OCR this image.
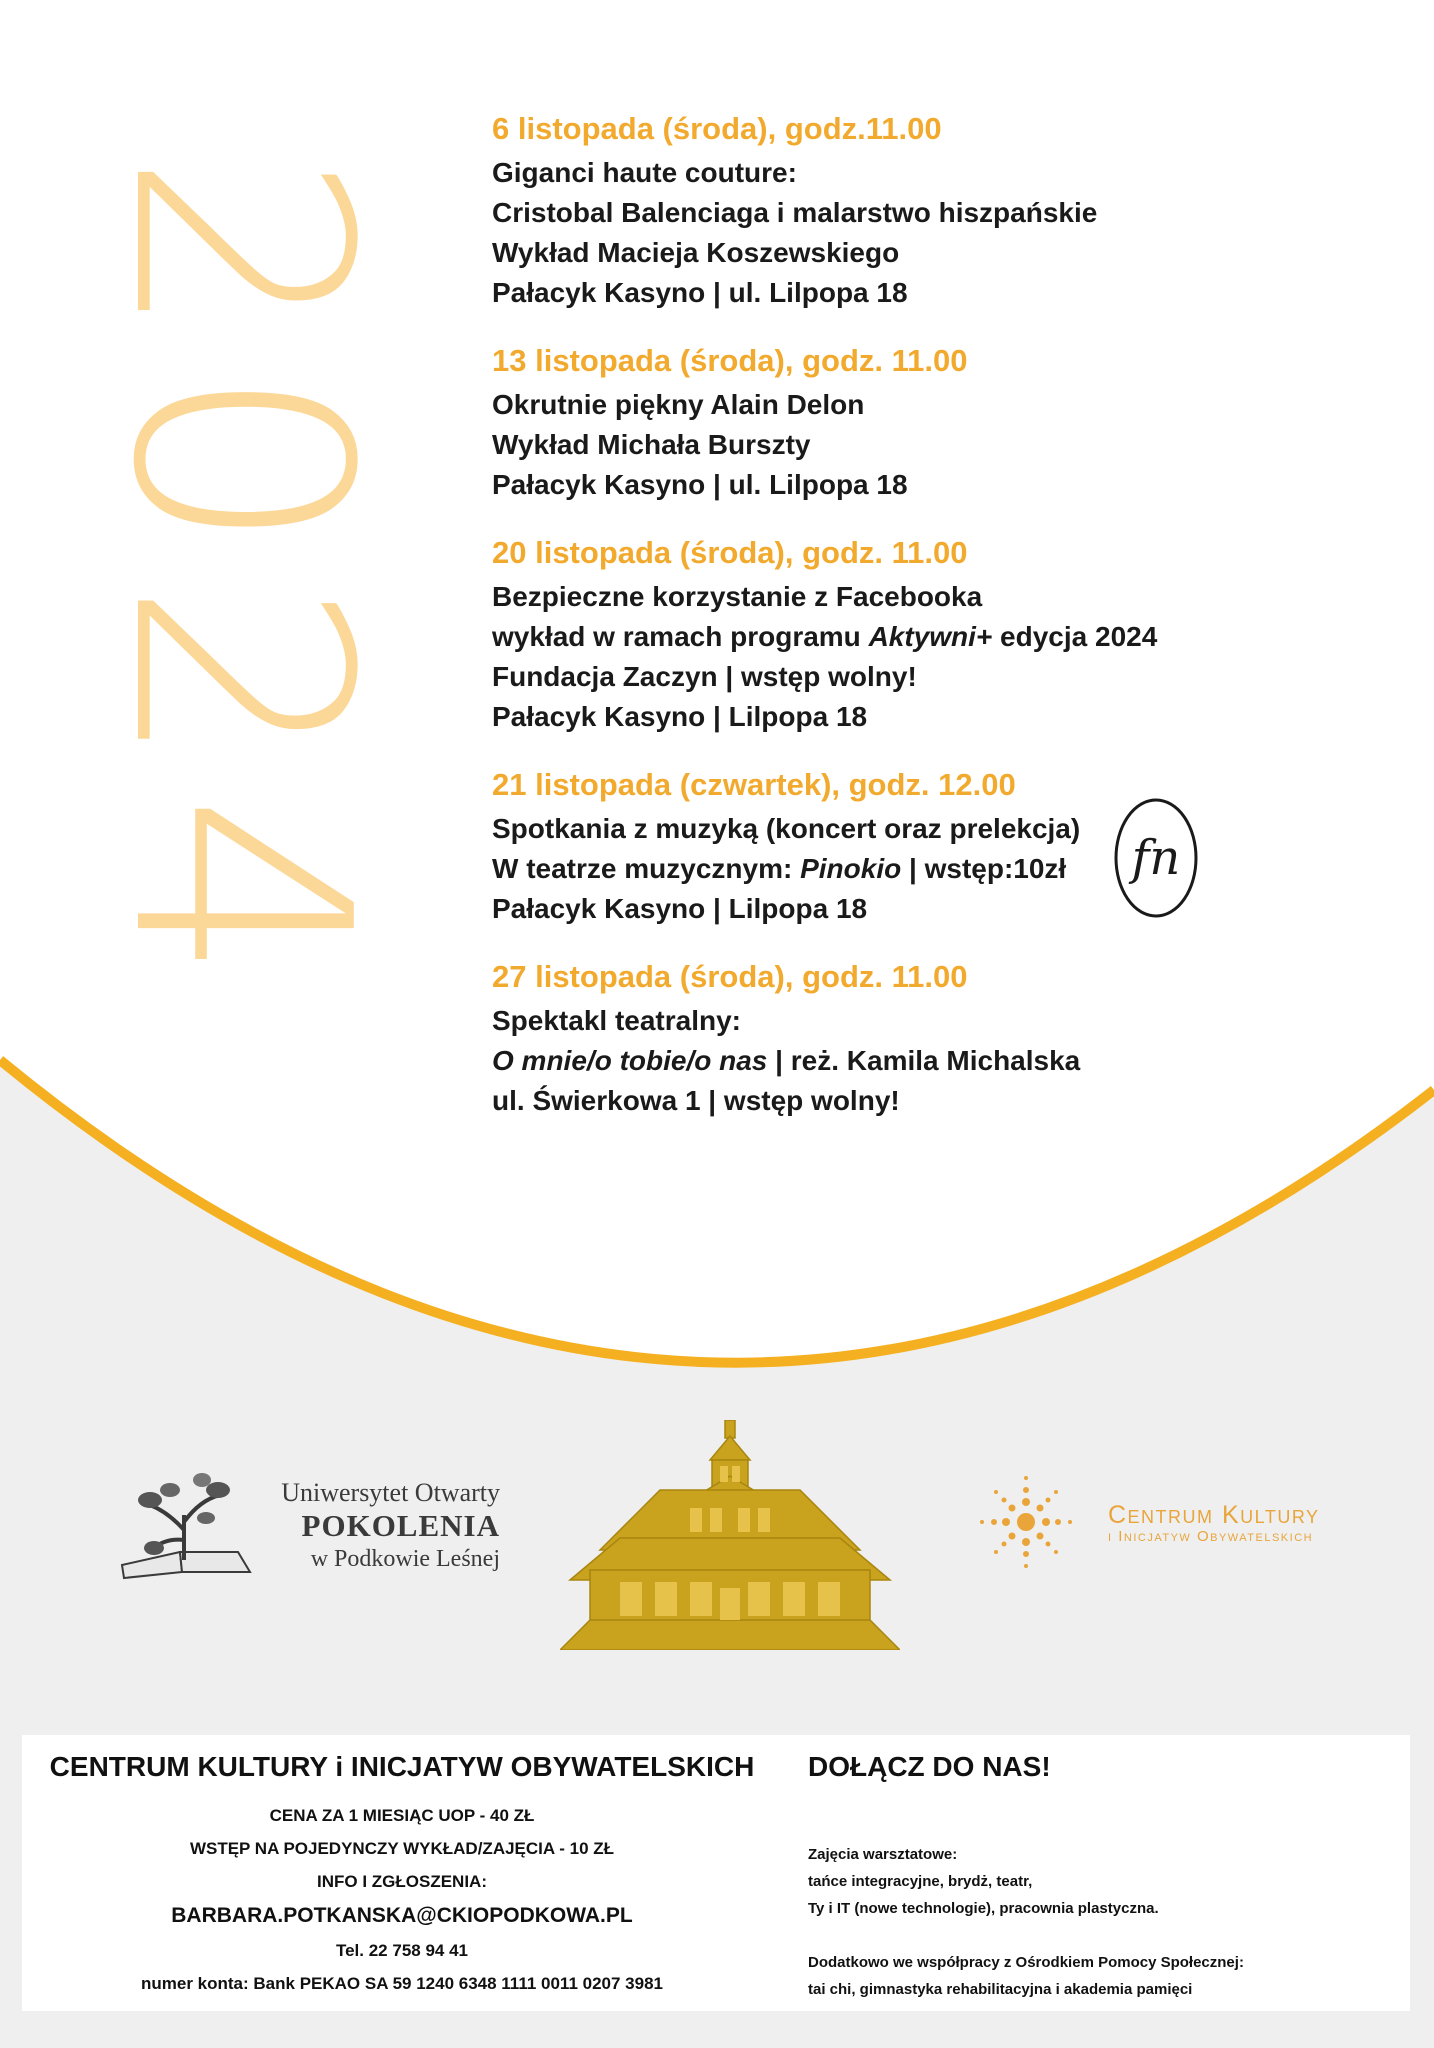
2024
6 listopada (środa), godz.11.00
Giganci haute couture:
Cristobal Balenciaga i malarstwo hiszpańskie
Wykład Macieja Koszewskiego
Pałacyk Kasyno | ul. Lilpopa 18
13 listopada (środa), godz. 11.00
Okrutnie piękny Alain Delon
Wykład Michała Burszty
Pałacyk Kasyno | ul. Lilpopa 18
20 listopada (środa), godz. 11.00
Bezpieczne korzystanie z Facebooka
wykład w ramach programu Aktywni+ edycja 2024
Fundacja Zaczyn | wstęp wolny!
Pałacyk Kasyno | Lilpopa 18
21 listopada (czwartek), godz. 12.00
Spotkania z muzyką (koncert oraz prelekcja)
W teatrze muzycznym: Pinokio | wstęp:10zł
Pałacyk Kasyno | Lilpopa 18
27 listopada (środa), godz. 11.00
Spektakl teatralny:
O mnie/o tobie/o nas | reż. Kamila Michalska
ul. Świerkowa 1 | wstęp wolny!
fn
Uniwersytet Otwarty
POKOLENIA
w Podkowie Leśnej
Centrum Kultury
i Inicjatyw Obywatelskich
CENTRUM KULTURY i INICJATYW OBYWATELSKICH
CENA ZA 1 MIESIĄC UOP - 40 ZŁ
WSTĘP NA POJEDYNCZY WYKŁAD/ZAJĘCIA - 10 ZŁ
INFO I ZGŁOSZENIA:
BARBARA.POTKANSKA@CKIOPODKOWA.PL
Tel. 22 758 94 41
numer konta: Bank PEKAO SA 59 1240 6348 1111 0011 0207 3981
DOŁĄCZ DO NAS!
Zajęcia warsztatowe:
tańce integracyjne, brydż, teatr,
Ty i IT (nowe technologie), pracownia plastyczna.
Dodatkowo we współpracy z Ośrodkiem Pomocy Społecznej:
tai chi, gimnastyka rehabilitacyjna i akademia pamięci
